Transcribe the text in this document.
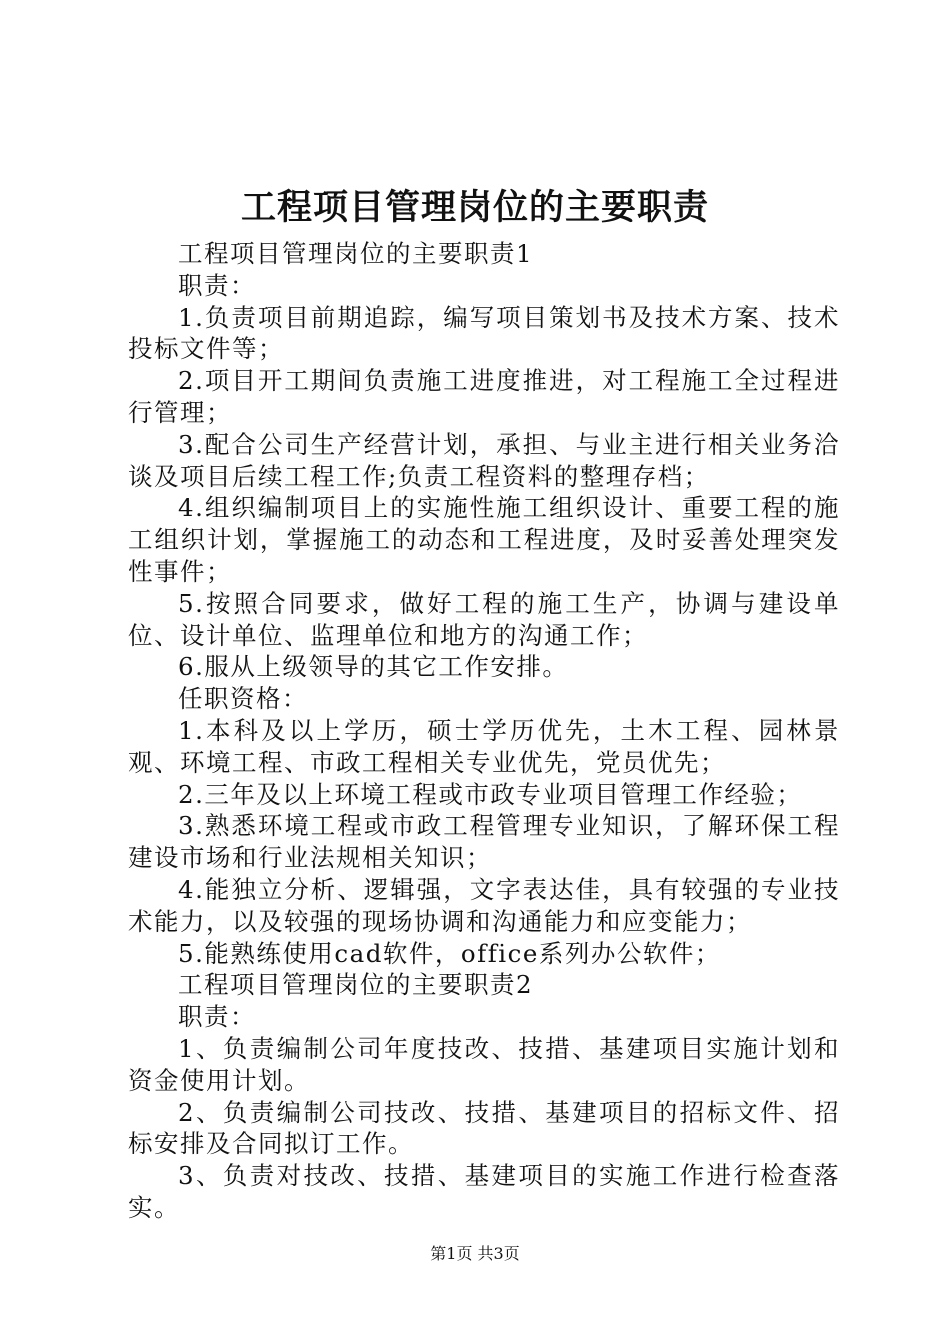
工程项目管理岗位的主要职责

工程项目管理岗位的主要职责1

职责：

1.负责项目前期追踪，编写项目策划书及技术方案、技术投标文件等；

2.项目开工期间负责施工进度推进，对工程施工全过程进行管理；

3.配合公司生产经营计划，承担、与业主进行相关业务洽谈及项目后续工程工作;负责工程资料的整理存档；

4.组织编制项目上的实施性施工组织设计、重要工程的施工组织计划，掌握施工的动态和工程进度，及时妥善处理突发性事件；

5.按照合同要求，做好工程的施工生产，协调与建设单位、设计单位、监理单位和地方的沟通工作；

6.服从上级领导的其它工作安排。

任职资格：

1.本科及以上学历，硕士学历优先，土木工程、园林景观、环境工程、市政工程相关专业优先，党员优先；

2.三年及以上环境工程或市政专业项目管理工作经验；

3.熟悉环境工程或市政工程管理专业知识，了解环保工程建设市场和行业法规相关知识；

4.能独立分析、逻辑强，文字表达佳，具有较强的专业技术能力，以及较强的现场协调和沟通能力和应变能力；

5.能熟练使用cad软件，office系列办公软件；

工程项目管理岗位的主要职责2

职责：

1、负责编制公司年度技改、技措、基建项目实施计划和资金使用计划。

2、负责编制公司技改、技措、基建项目的招标文件、招标安排及合同拟订工作。

3、负责对技改、技措、基建项目的实施工作进行检查落实。

第1页 共3页
